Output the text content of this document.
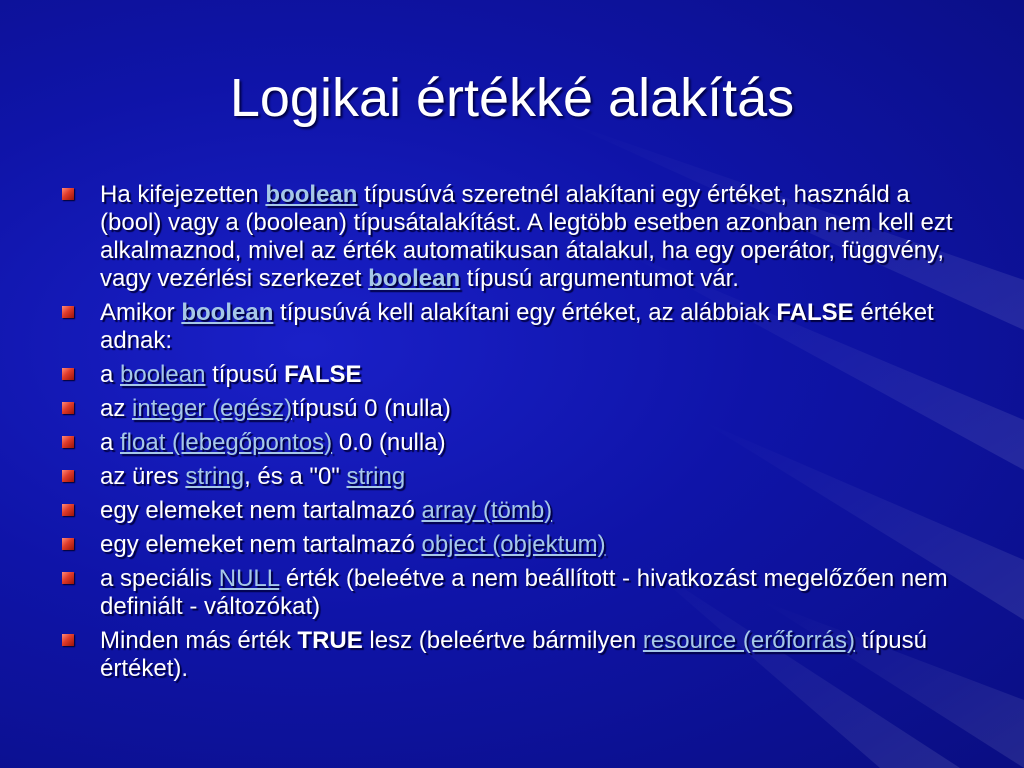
Logikai értékké alakítás
Ha kifejezetten boolean típusúvá szeretnél alakítani egy értéket, használd a (bool) vagy a (boolean) típusátalakítást. A legtöbb esetben azonban nem kell ezt alkalmaznod, mivel az érték automatikusan átalakul, ha egy operátor, függvény, vagy vezérlési szerkezet boolean típusú argumentumot vár.
Amikor boolean típusúvá kell alakítani egy értéket, az alábbiak FALSE értéket adnak:
a boolean típusú FALSE
az integer (egész)típusú 0 (nulla)
a float (lebegőpontos) 0.0 (nulla)
az üres string, és a "0" string
egy elemeket nem tartalmazó array (tömb)
egy elemeket nem tartalmazó object (objektum)
a speciális NULL érték (beleétve a nem beállított - hivatkozást megelőzően nem definiált - változókat)
Minden más érték TRUE lesz (beleértve bármilyen resource (erőforrás) típusú értéket).
